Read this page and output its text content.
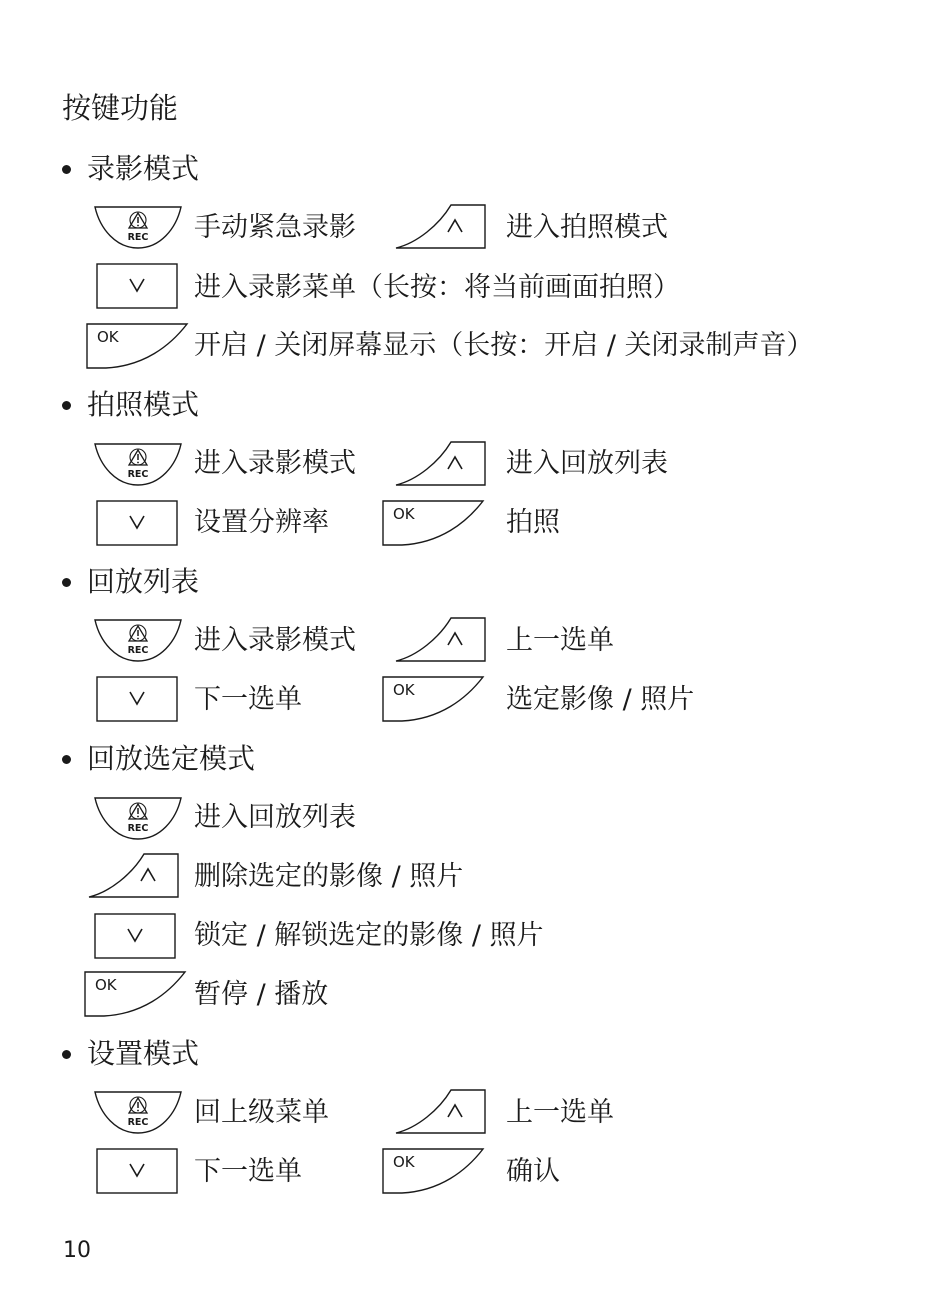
按键功能
录影模式
手动紧急录影	进入拍照模式
进入录影菜单（长按：将当前画面拍照）
开启 / 关闭屏幕显示（长按：开启 / 关闭录制声音）
拍照模式
进入录影模式	进入回放列表
设置分辨率	拍照
回放列表
进入录影模式	上一选单
下一选单	选定影像 / 照片
回放选定模式
进入回放列表
删除选定的影像 / 照片
锁定 / 解锁选定的影像 / 照片
暂停 / 播放
设置模式
回上级菜单	上一选单
下一选单	确认
10
